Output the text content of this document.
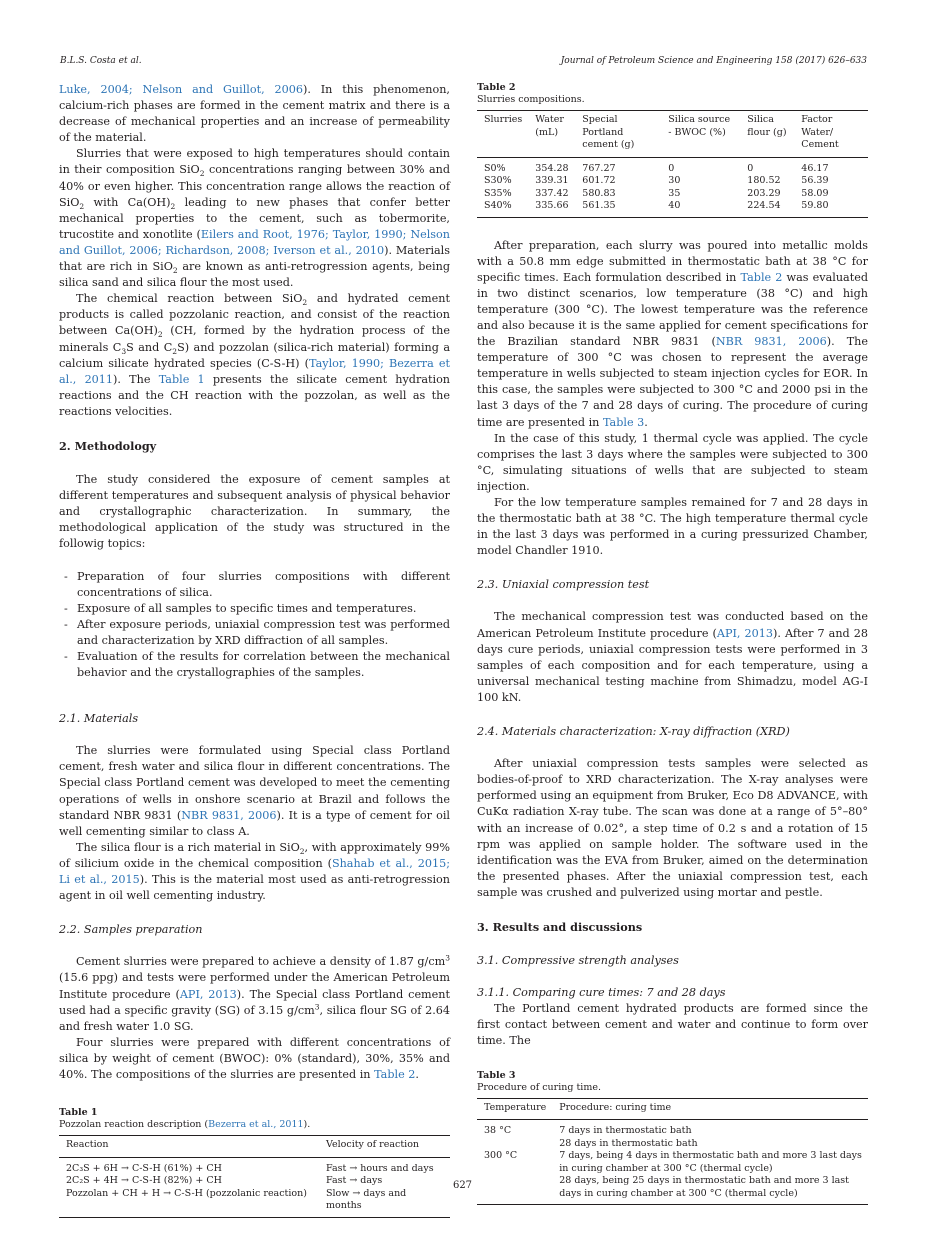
B.L.S. Costa et al.	Journal of Petroleum Science and Engineering 158 (2017) 626–633

Luke, 2004; Nelson and Guillot, 2006). In this phenomenon, calcium-rich phases are formed in the cement matrix and there is a decrease of mechanical properties and an increase of permeability of the material.

Slurries that were exposed to high temperatures should contain in their composition SiO$_2$ concentrations ranging between 30% and 40% or even higher. This concentration range allows the reaction of SiO$_2$ with $Ca(OH)_2$ leading to new phases that confer better mechanical properties to the cement, such as tobermorite, trucostite and xonotlite (Eilers and Root, 1976; Taylor, 1990; Nelson and Guillot, 2006; Richardson, 2008; Iverson et al., 2010). Materials that are rich in SiO$_2$ are known as anti-retrogression agents, being silica sand and silica flour the most used.

The chemical reaction between SiO$_2$ and hydrated cement products is called pozzolanic reaction, and consist of the reaction between $Ca(OH)_2$ (CH, formed by the hydration process of the minerals $C_3S$ and $C_2S$) and pozzolan (silica-rich material) forming a calcium silicate hydrated species (C-S-H) (Taylor, 1990; Bezerra et al., 2011). The Table 1 presents the silicate cement hydration reactions and the CH reaction with the pozzolan, as well as the reactions velocities.

2. Methodology

The study considered the exposure of cement samples at different temperatures and subsequent analysis of physical behavior and crystallographic characterization. In summary, the methodological application of the study was structured in the followig topics:

- Preparation of four slurries compositions with different concentrations of silica.
- Exposure of all samples to specific times and temperatures.
- After exposure periods, uniaxial compression test was performed and characterization by XRD diffraction of all samples.
- Evaluation of the results for correlation between the mechanical behavior and the crystallographies of the samples.
2.1. Materials

The slurries were formulated using Special class Portland cement, fresh water and silica flour in different concentrations. The Special class Portland cement was developed to meet the cementing operations of wells in onshore scenario at Brazil and follows the standard NBR 9831 (NBR 9831, 2006). It is a type of cement for oil well cementing similar to class A.

The silica flour is a rich material in SiO$_2$, with approximately 99% of silicium oxide in the chemical composition (Shahab et al., 2015; Li et al., 2015). This is the material most used as anti-retrogression agent in oil well cementing industry.

2.2. Samples preparation

Cement slurries were prepared to achieve a density of 1.87 $g/cm^3$ (15.6 ppg) and tests were performed under the American Petroleum Institute procedure (API, 2013). The Special class Portland cement used had a specific gravity (SG) of 3.15 $g/cm^3$, silica flour SG of 2.64 and fresh water 1.0 SG.

Four slurries were prepared with different concentrations of silica by weight of cement (BWOC): 0% (standard), 30%, 35% and 40%. The compositions of the slurries are presented in Table 2.

Table 1
Pozzolan reaction description (Bezerra et al., 2011).
Reaction	Velocity of reaction
2C₃S + 6H → C-S-H (61%) + CH	Fast → hours and days
2C₂S + 4H → C-S-H (82%) + CH	Fast → days
Pozzolan + CH + H → C-S-H (pozzolanic reaction)	Slow → days and months
Table 2
Slurries compositions.
Slurries	Water (mL)	Special Portland cement (g)	Silica source - BWOC (%)	Silica flour (g)	Factor Water/ Cement
S0%	354.28	767.27	0	0	46.17
S30%	339.31	601.72	30	180.52	56.39
S35%	337.42	580.83	35	203.29	58.09
S40%	335.66	561.35	40	224.54	59.80

After preparation, each slurry was poured into metallic molds with a 50.8 mm edge submitted in thermostatic bath at 38 °C for specific times. Each formulation described in Table 2 was evaluated in two distinct scenarios, low temperature (38 °C) and high temperature (300 °C). The lowest temperature was the reference and also because it is the same applied for cement specifications for the Brazilian standard NBR 9831 (NBR 9831, 2006). The temperature of 300 °C was chosen to represent the average temperature in wells subjected to steam injection cycles for EOR. In this case, the samples were subjected to 300 °C and 2000 psi in the last 3 days of the 7 and 28 days of curing. The procedure of curing time are presented in Table 3.

In the case of this study, 1 thermal cycle was applied. The cycle comprises the last 3 days where the samples were subjected to 300 °C, simulating situations of wells that are subjected to steam injection.

For the low temperature samples remained for 7 and 28 days in the thermostatic bath at 38 °C. The high temperature thermal cycle in the last 3 days was performed in a curing pressurized Chamber, model Chandler 1910.

2.3. Uniaxial compression test

The mechanical compression test was conducted based on the American Petroleum Institute procedure (API, 2013). After 7 and 28 days cure periods, uniaxial compression tests were performed in 3 samples of each composition and for each temperature, using a universal mechanical testing machine from Shimadzu, model AG-I 100 kN.

2.4. Materials characterization: X-ray diffraction (XRD)

After uniaxial compression tests samples were selected as bodies-of-proof to XRD characterization. The X-ray analyses were performed using an equipment from Bruker, Eco D8 ADVANCE, with CuKα radiation X-ray tube. The scan was done at a range of 5°–80° with an increase of 0.02°, a step time of 0.2 s and a rotation of 15 rpm was applied on sample holder. The software used in the identification was the EVA from Bruker, aimed on the determination the presented phases. After the uniaxial compression test, each sample was crushed and pulverized using mortar and pestle.

3. Results and discussions
3.1. Compressive strength analyses
3.1.1. Comparing cure times: 7 and 28 days

The Portland cement hydrated products are formed since the first contact between cement and water and continue to form over time. The

Table 3
Procedure of curing time.
Temperature	Procedure: curing time
38 °C	7 days in thermostatic bath
	28 days in thermostatic bath
300 °C	7 days, being 4 days in thermostatic bath and more 3 last days in curing chamber at 300 °C (thermal cycle)
	28 days, being 25 days in thermostatic bath and more 3 last days in curing chamber at 300 °C (thermal cycle)
627
